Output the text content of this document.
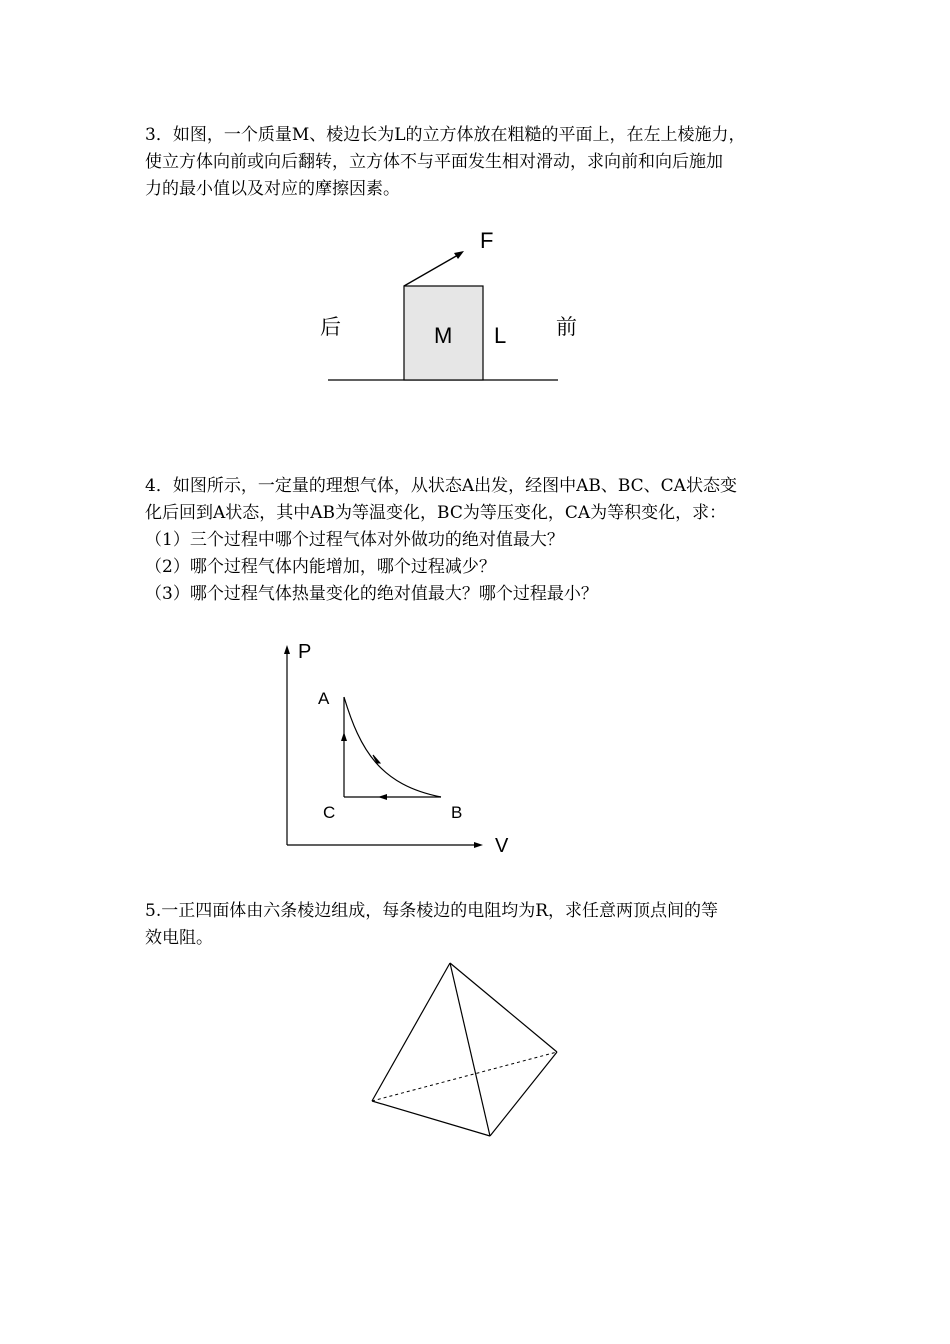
3．如图，一个质量M、棱边长为L的立方体放在粗糙的平面上，在左上棱施力，
使立方体向前或向后翻转，立方体不与平面发生相对滑动，求向前和向后施加
力的最小值以及对应的摩擦因素。
F
M L
后	前
4．如图所示，一定量的理想气体，从状态A出发，经图中AB、BC、CA状态变
化后回到A状态，其中AB为等温变化，BC为等压变化，CA为等积变化，求：
（1）三个过程中哪个过程气体对外做功的绝对值最大？
（2）哪个过程气体内能增加，哪个过程减少？
（3）哪个过程气体热量变化的绝对值最大？哪个过程最小？
P
V
A
B
C
5.一正四面体由六条棱边组成，每条棱边的电阻均为R，求任意两顶点间的等
效电阻。
